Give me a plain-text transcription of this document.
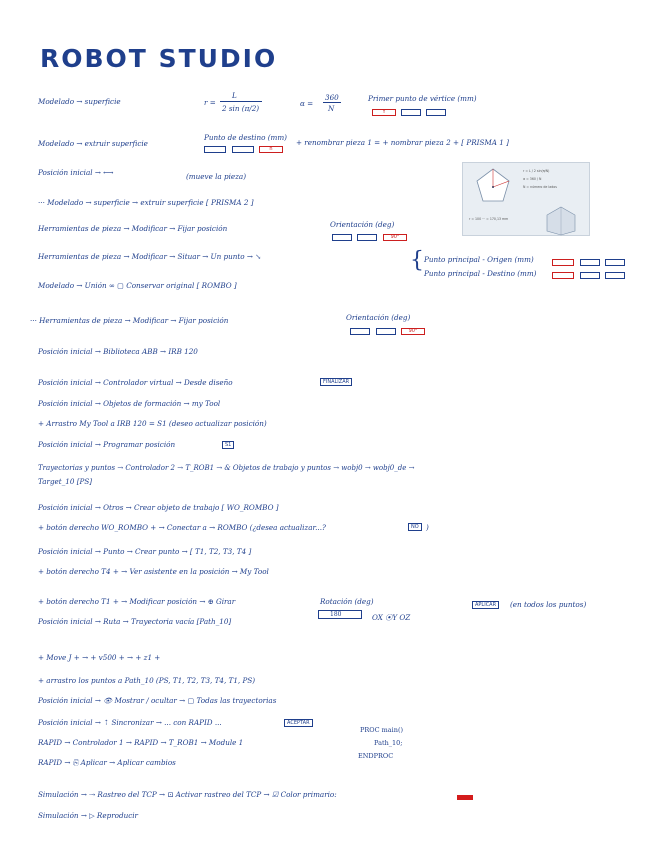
ROBOT STUDIO
Modelado → superficie	r =
L
2 sin (π/2)
α =
360
N
Primer punto de vértice (mm)
Y
Modelado → extruir superficie
Punto de destino (mm)
h
+ renombrar pieza 1 = + nombrar pieza 2 + [ PRISMA 1 ]
Posición inicial → ⟷	(mueve la pieza)
r = L / 2 sin(π/N)
α = 360 / N
N = número de lados
r = 100 ··· = 170,13 mm
··· Modelado → superficie → extruir superficie [ PRISMA 2 ]
Herramientas de pieza → Modificar → Fijar posición	Orientación (deg)
90°
Herramientas de pieza → Modificar → Situar → Un punto → ↘	{ Punto principal - Origen (mm)
Punto principal - Destino (mm)
Modelado → Unión ∞ ▢ Conservar original [ ROMBO ]
··· Herramientas de pieza → Modificar → Fijar posición	Orientación (deg)
90°
Posición inicial → Biblioteca ABB → IRB 120
Posición inicial → Controlador virtual → Desde diseño	FINALIZAR
Posición inicial → Objetos de formación → my Tool
+ Arrastro My Tool a IRB 120 = S1 (deseo actualizar posición)
Posición inicial → Programar posición	S1
Trayectorias y puntos → Controlador 2 → T_ROB1 → & Objetos de trabajo y puntos → wobj0 → wobj0_de →
Target_10 [PS]
Posición inicial → Otros → Crear objeto de trabajo [ WO_ROMBO ]
+ botón derecho WO_ROMBO + → Conectar a → ROMBO (¿desea actualizar...?	NO	)
Posición inicial → Punto → Crear punto → [ T1, T2, T3, T4 ]
+ botón derecho T4 + → Ver asistente en la posición → My Tool
+ botón derecho T1 + → Modificar posición → ⊕ Girar	Rotación (deg)
180	OX ⦿Y OZ
APLICAR	(en todos los puntos)
Posición inicial → Ruta → Trayectoria vacía [Path_10]
+ Move J + → + v500 + → + z1 +
+ arrastro los puntos a Path_10 (PS, T1, T2, T3, T4, T1, PS)
Posición inicial → 👁 Mostrar / ocultar → ▢ Todas las trayectorias
Posición inicial → ⇡ Sincronizar → ... con RAPID ...	ACEPTAR
RAPID → Controlador 1 → RAPID → T_ROB1 → Module 1
RAPID → ⎘ Aplicar → Aplicar cambios
PROC main()
Path_10;
ENDPROC
Simulación → ⇢ Rastreo del TCP → ⊡ Activar rastreo del TCP → ☑ Color primario:
Simulación → ▷ Reproducir
